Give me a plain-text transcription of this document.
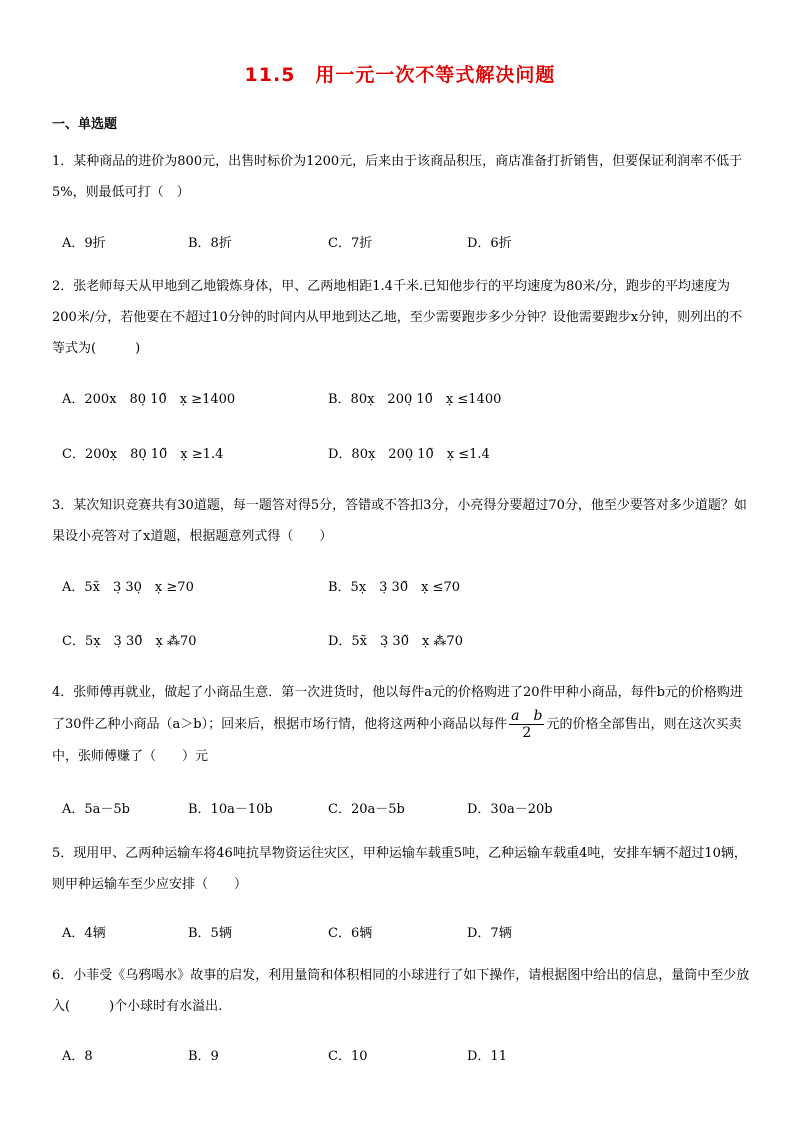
11.5　用一元一次不等式解决问题
一、单选题
1．某种商品的进价为800元，出售时标价为1200元，后来由于该商品积压，商店准备打折销售，但要保证利润率不低于5%，则最低可打（　）
A．9折	B．8折	C．7折	D．6折
2．张老师每天从甲地到乙地锻炼身体，甲、乙两地相距1.4千米.已知他步行的平均速度为80米/分，跑步的平均速度为200米/分，若他要在不超过10分钟的时间内从甲地到达乙地，至少需要跑步多少分钟？设他需要跑步x分钟，则列出的不等式为(　　　)
A．200x　80̣ 10̃　x̣ ≥1400	B．80x̣　200̣ 10̃　x̣ ≤1400
C．200x̣　80̣ 10̃　x̣ ≥1.4	D．80x̣　200̣ 10̃　x̣ ≤1.4
3．某次知识竞赛共有30道题，每一题答对得5分，答错或不答扣3分，小亮得分要超过70分，他至少要答对多少道题？如果设小亮答对了x道题，根据题意列式得（　　）
A．5x̃　3̣ 30̣　x̣ ≥70	B．5x̣　3̣ 30̃　x̣ ≤70
C．5x̣　3̣ 30̃　x̣ ⁂70	D．5x̃　3̣ 30̃　x̣ ⁂70
4．张师傅再就业，做起了小商品生意．第一次进货时，他以每件a元的价格购进了20件甲种小商品，每件b元的价格购进了30件乙种小商品（a＞b）；回来后，根据市场行情，他将这两种小商品以每件 $\frac{\text{a　b}}{2}$ 元的价格全部售出，则在这次买卖中，张师傅赚了（　　）元
A．5a－5b	B．10a－10b	C．20a－5b	D．30a－20b
5．现用甲、乙两种运输车将46吨抗旱物资运往灾区，甲种运输车载重5吨，乙种运输车载重4吨，安排车辆不超过10辆，则甲种运输车至少应安排（　　）
A．4辆	B．5辆	C．6辆	D．7辆
6．小菲受《乌鸦喝水》故事的启发，利用量筒和体积相同的小球进行了如下操作，请根据图中给出的信息，量筒中至少放入(　　　)个小球时有水溢出.
A．8	B．9	C．10	D．11
